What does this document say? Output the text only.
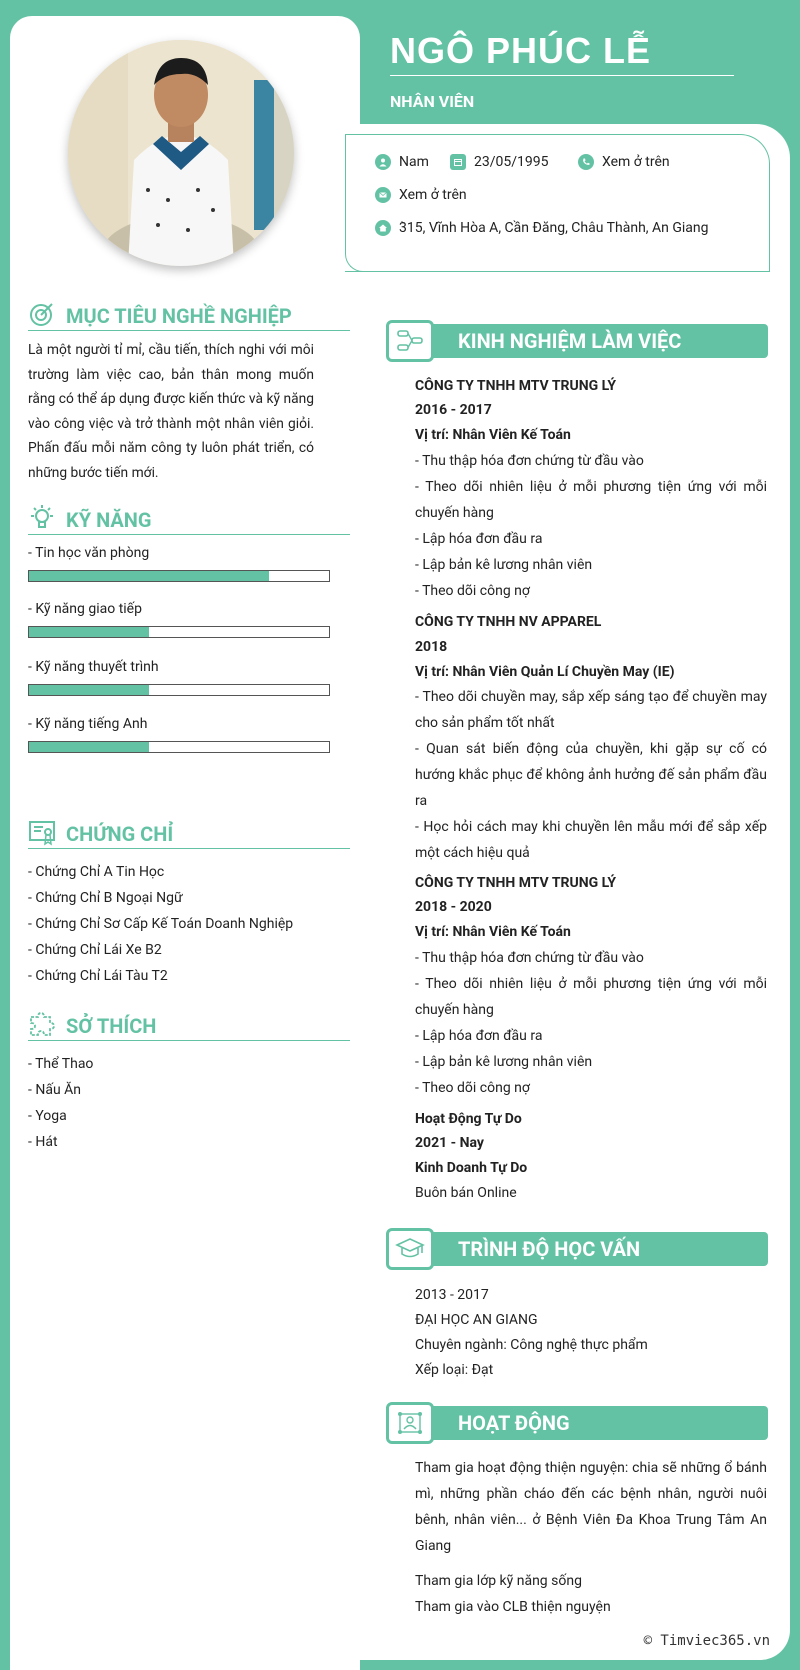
NGÔ PHÚC LỄ
NHÂN VIÊN
Nam	23/05/1995	Xem ở trên
Xem ở trên
3̀15, Vĩnh Hòa A, Cần Đăng, Châu Thành, An Giang
MỤC TIÊU NGHỀ NGHIỆP
Là một người tỉ mỉ, cầu tiến, thích nghi với môi trường làm việc cao, bản thân mong muốn rằng có thể áp dụng được kiến thức và kỹ năng vào công việc và trở thành một nhân viên giỏi. Phấn đấu mỗi năm công ty luôn phát triển, có những bước tiến mới.
KỸ NĂNG
- Tin học văn phòng
- Kỹ năng giao tiếp
- Kỹ năng thuyết trình
- Kỹ năng tiếng Anh
CHỨNG CHỈ
- Chứng Chỉ A Tin Học
- Chứng Chỉ B Ngoại Ngữ
- Chứng Chỉ Sơ Cấp Kế Toán Doanh Nghiệp
- Chứng Chỉ Lái Xe B2
- Chứng Chỉ Lái Tàu T2
SỞ THÍCH
- Thể Thao
- Nấu Ăn
- Yoga
- Hát
KINH NGHIỆM LÀM VIỆC
CÔNG TY TNHH MTV TRUNG LÝ
2016 - 2017
Vị trí: Nhân Viên Kế Toán
- Thu thập hóa đơn chứng từ đầu vào
- Theo dõi nhiên liệu ở mỗi phương tiện ứng với mỗi chuyến hàng
- Lập hóa đơn đầu ra
- Lập bản kê lương nhân viên
- Theo dõi công nợ
CÔNG TY TNHH NV APPAREL
2018
Vị trí: Nhân Viên Quản Lí Chuyền May (IE)
- Theo dõi chuyền may, sắp xếp sáng tạo để chuyền may cho sản phẩm tốt nhất
- Quan sát biến động của chuyền, khi gặp sự cố có hướng khắc phục để không ảnh hưởng đế sản phẩm đầu ra
- Học hỏi cách may khi chuyền lên mẫu mới để sắp xếp một cách hiệu quả
CÔNG TY TNHH MTV TRUNG LÝ
2018 - 2020
Vị trí: Nhân Viên Kế Toán
- Thu thập hóa đơn chứng từ đầu vào
- Theo dõi nhiên liệu ở mỗi phương tiện ứng với mỗi chuyến hàng
- Lập hóa đơn đầu ra
- Lập bản kê lương nhân viên
- Theo dõi công nợ
Hoạt Động Tự Do
2021 - Nay
Kinh Doanh Tự Do
Buôn bán Online
TRÌNH ĐỘ HỌC VẤN
2013 - 2017
ĐẠI HỌC AN GIANG
Chuyên ngành: Công nghệ thực phẩm
Xếp loại: Đạt
HOẠT ĐỘNG
Tham gia hoạt động thiện nguyện: chia sẽ những ổ bánh mì, những phần cháo đến các bệnh nhân, người nuôi bênh, nhân viên... ở Bệnh Viên Đa Khoa Trung Tâm An Giang
Tham gia lớp kỹ năng sống
Tham gia vào CLB thiện nguyện
© Timviec365.vn
